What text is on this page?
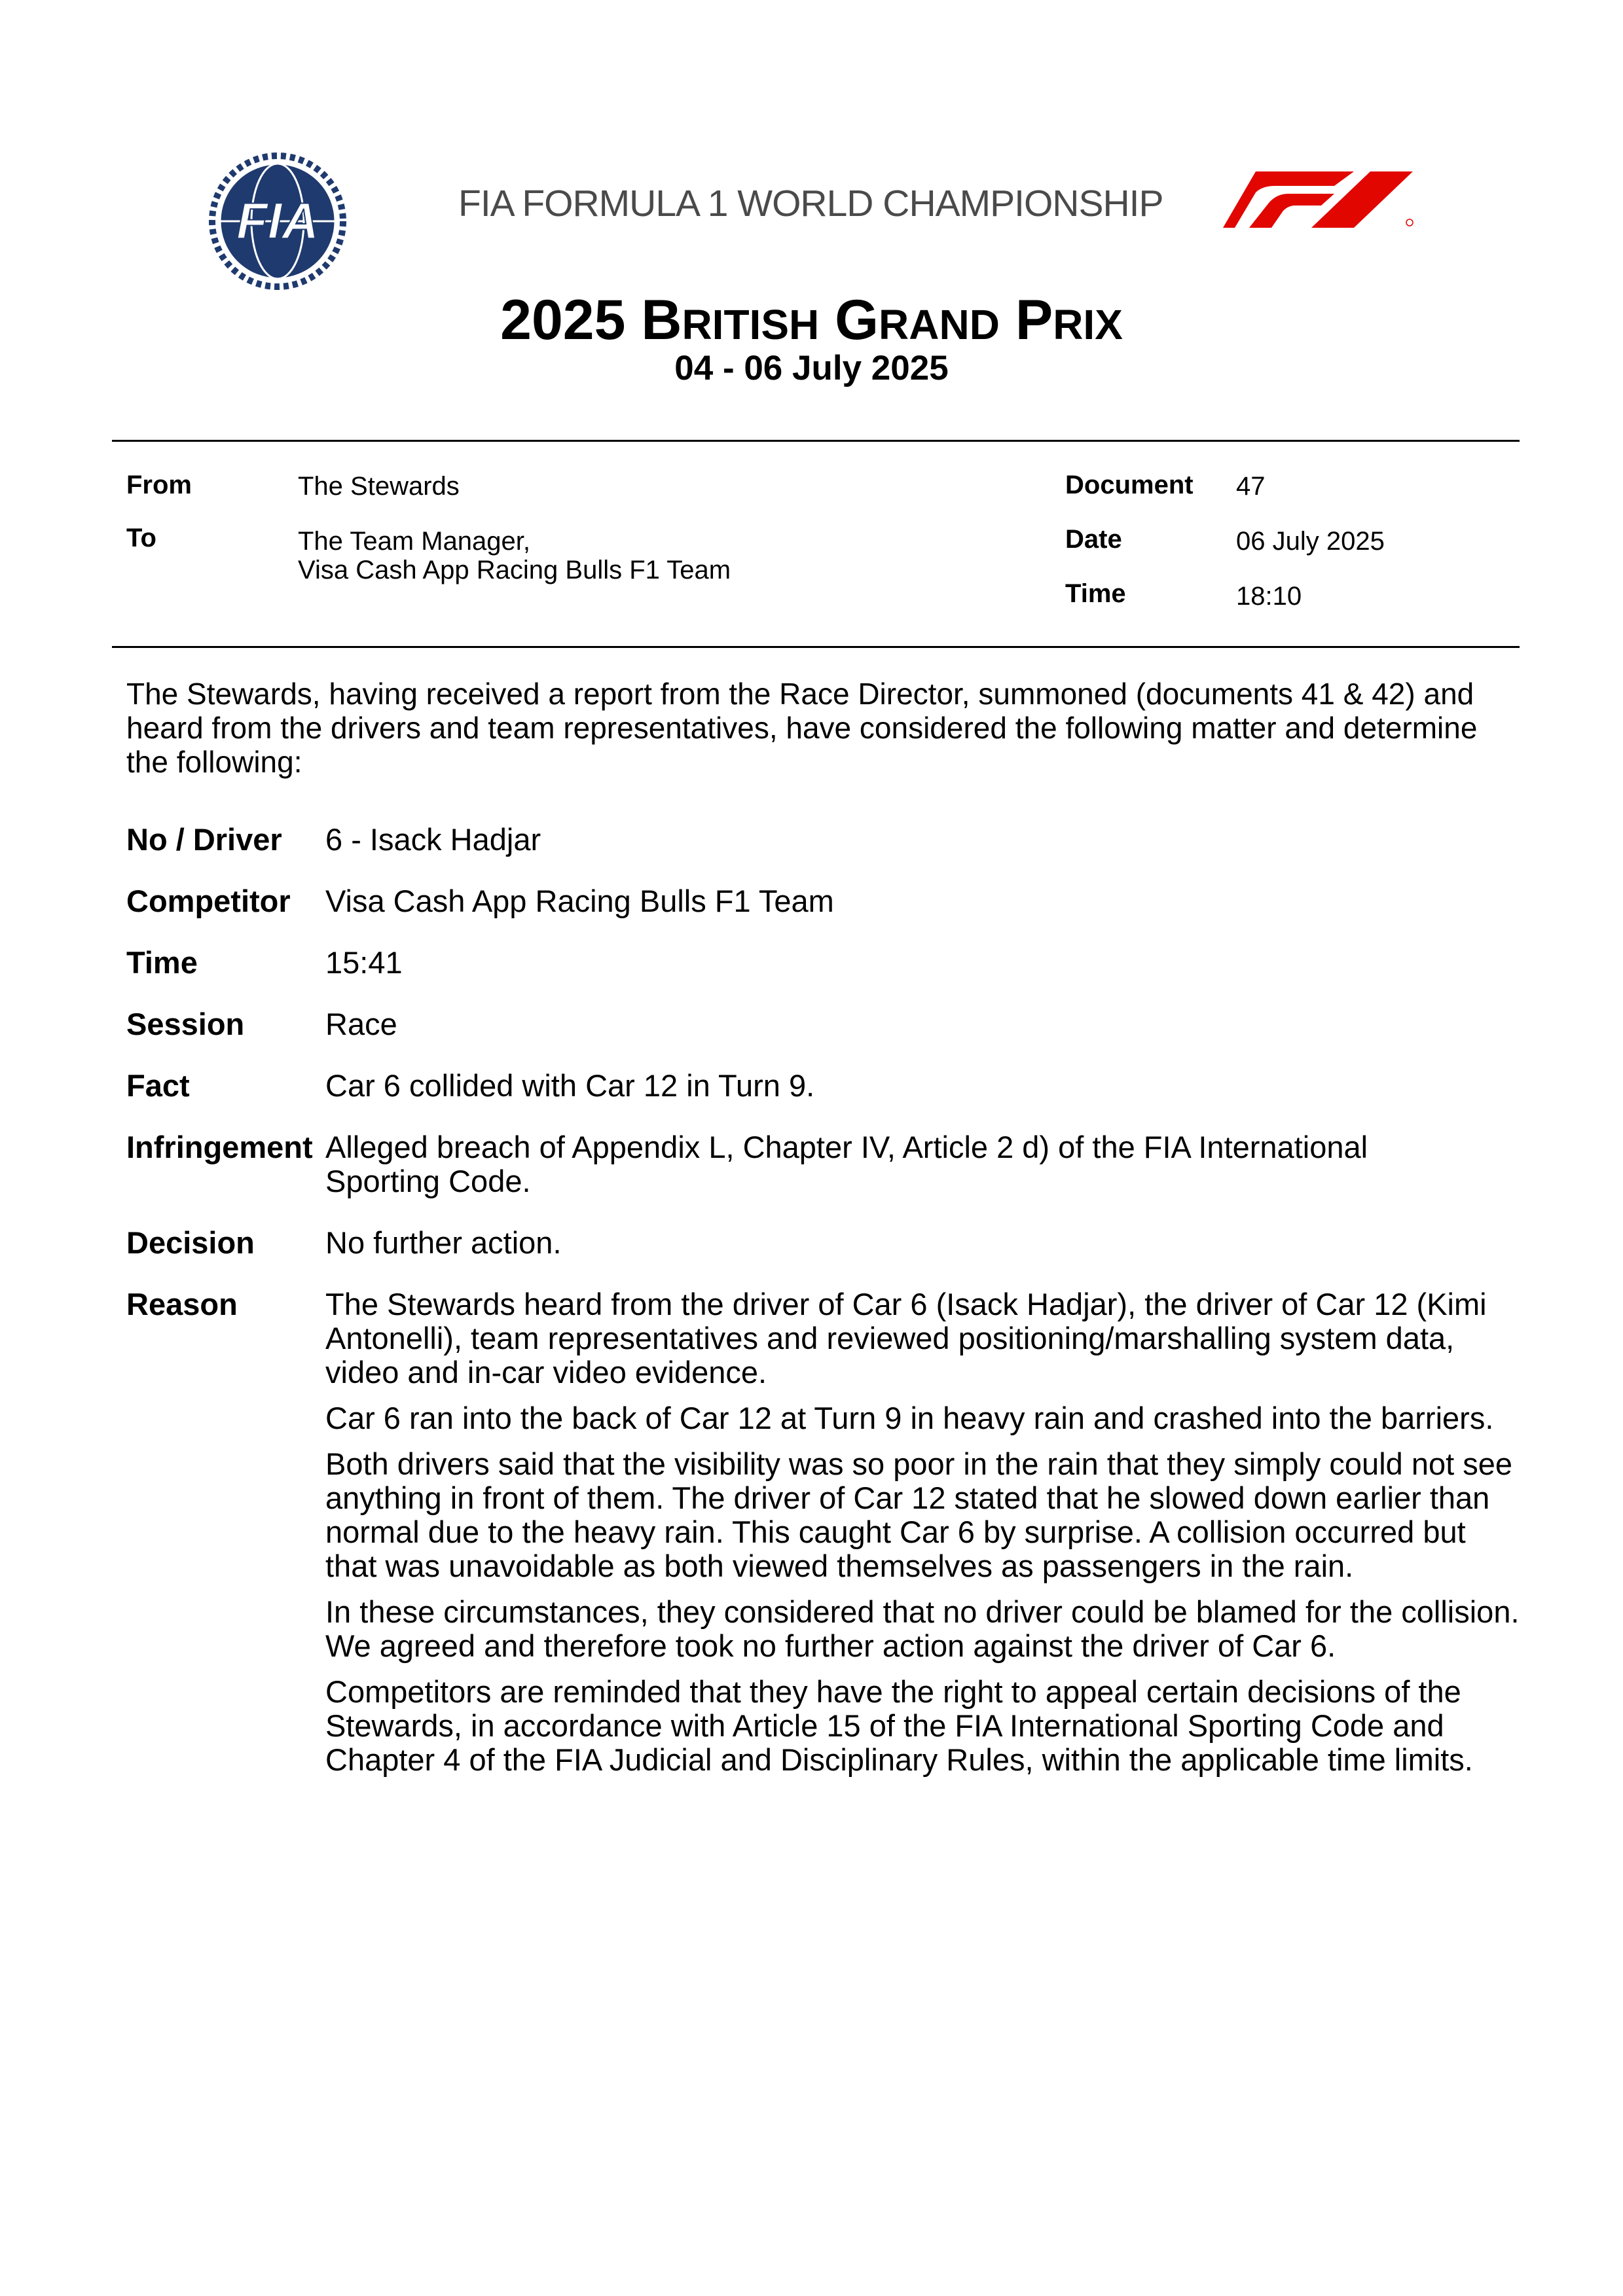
FIA	FIA FORMULA 1 WORLD CHAMPIONSHIP
2025 BRITISH GRAND PRIX
04 - 06 July 2025
From	The Stewards
To	The Team Manager,
Visa Cash App Racing Bulls F1 Team
Document 47
Date	06 July 2025
Time	18:10
The Stewards, having received a report from the Race Director, summoned (documents 41 & 42) and heard from the drivers and team representatives, have considered the following matter and determine the following:
No / Driver 6 - Isack Hadjar
Competitor Visa Cash App Racing Bulls F1 Team
Time	15:41
Session	Race
Fact	Car 6 collided with Car 12 in Turn 9.
Infringement Alleged breach of Appendix L, Chapter IV, Article 2 d) of the FIA International Sporting Code.
Decision No further action.
Reason	The Stewards heard from the driver of Car 6 (Isack Hadjar), the driver of Car 12 (Kimi Antonelli), team representatives and reviewed positioning/marshalling system data, video and in-car video evidence.

Car 6 ran into the back of Car 12 at Turn 9 in heavy rain and crashed into the barriers.

Both drivers said that the visibility was so poor in the rain that they simply could not see anything in front of them. The driver of Car 12 stated that he slowed down earlier than normal due to the heavy rain. This caught Car 6 by surprise. A collision occurred but that was unavoidable as both viewed themselves as passengers in the rain.

In these circumstances, they considered that no driver could be blamed for the collision. We agreed and therefore took no further action against the driver of Car 6.

Competitors are reminded that they have the right to appeal certain decisions of the Stewards, in accordance with Article 15 of the FIA International Sporting Code and Chapter 4 of the FIA Judicial and Disciplinary Rules, within the applicable time limits.
